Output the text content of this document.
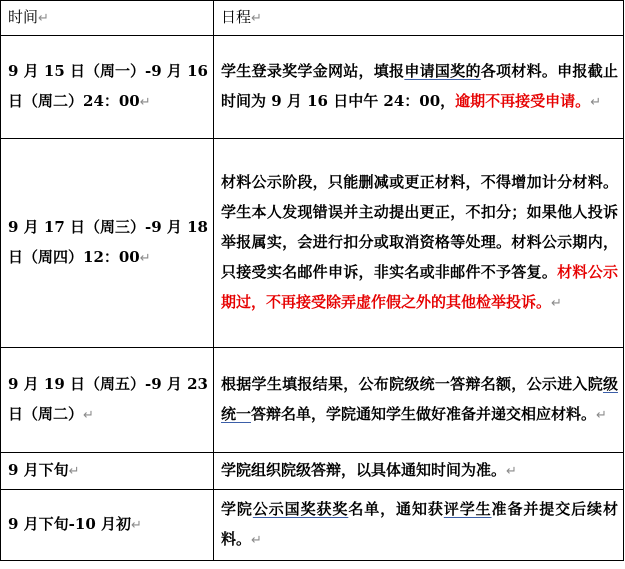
时间↵	日程↵
9 月 15 日（周一）-9 月 16 日（周二）24：00↵	学生登录奖学金网站，填报申请国奖的各项材料。申报截止时间为 9 月 16 日中午 24：00，逾期不再接受申请。↵
9 月 17 日（周三）-9 月 18 日（周四）12：00↵	材料公示阶段，只能删减或更正材料，不得增加计分材料。学生本人发现错误并主动提出更正，不扣分；如果他人投诉举报属实，会进行扣分或取消资格等处理。材料公示期内，只接受实名邮件申诉，非实名或非邮件不予答复。材料公示期过，不再接受除弄虚作假之外的其他检举投诉。↵
9 月 19 日（周五）-9 月 23 日（周二）↵	根据学生填报结果，公布院级统一答辩名额，公示进入院级统一答辩名单，学院通知学生做好准备并递交相应材料。↵
9 月下旬↵	学院组织院级答辩，以具体通知时间为准。↵
9 月下旬-10 月初↵	学院公示国奖获奖名单，通知获评学生准备并提交后续材料。↵
